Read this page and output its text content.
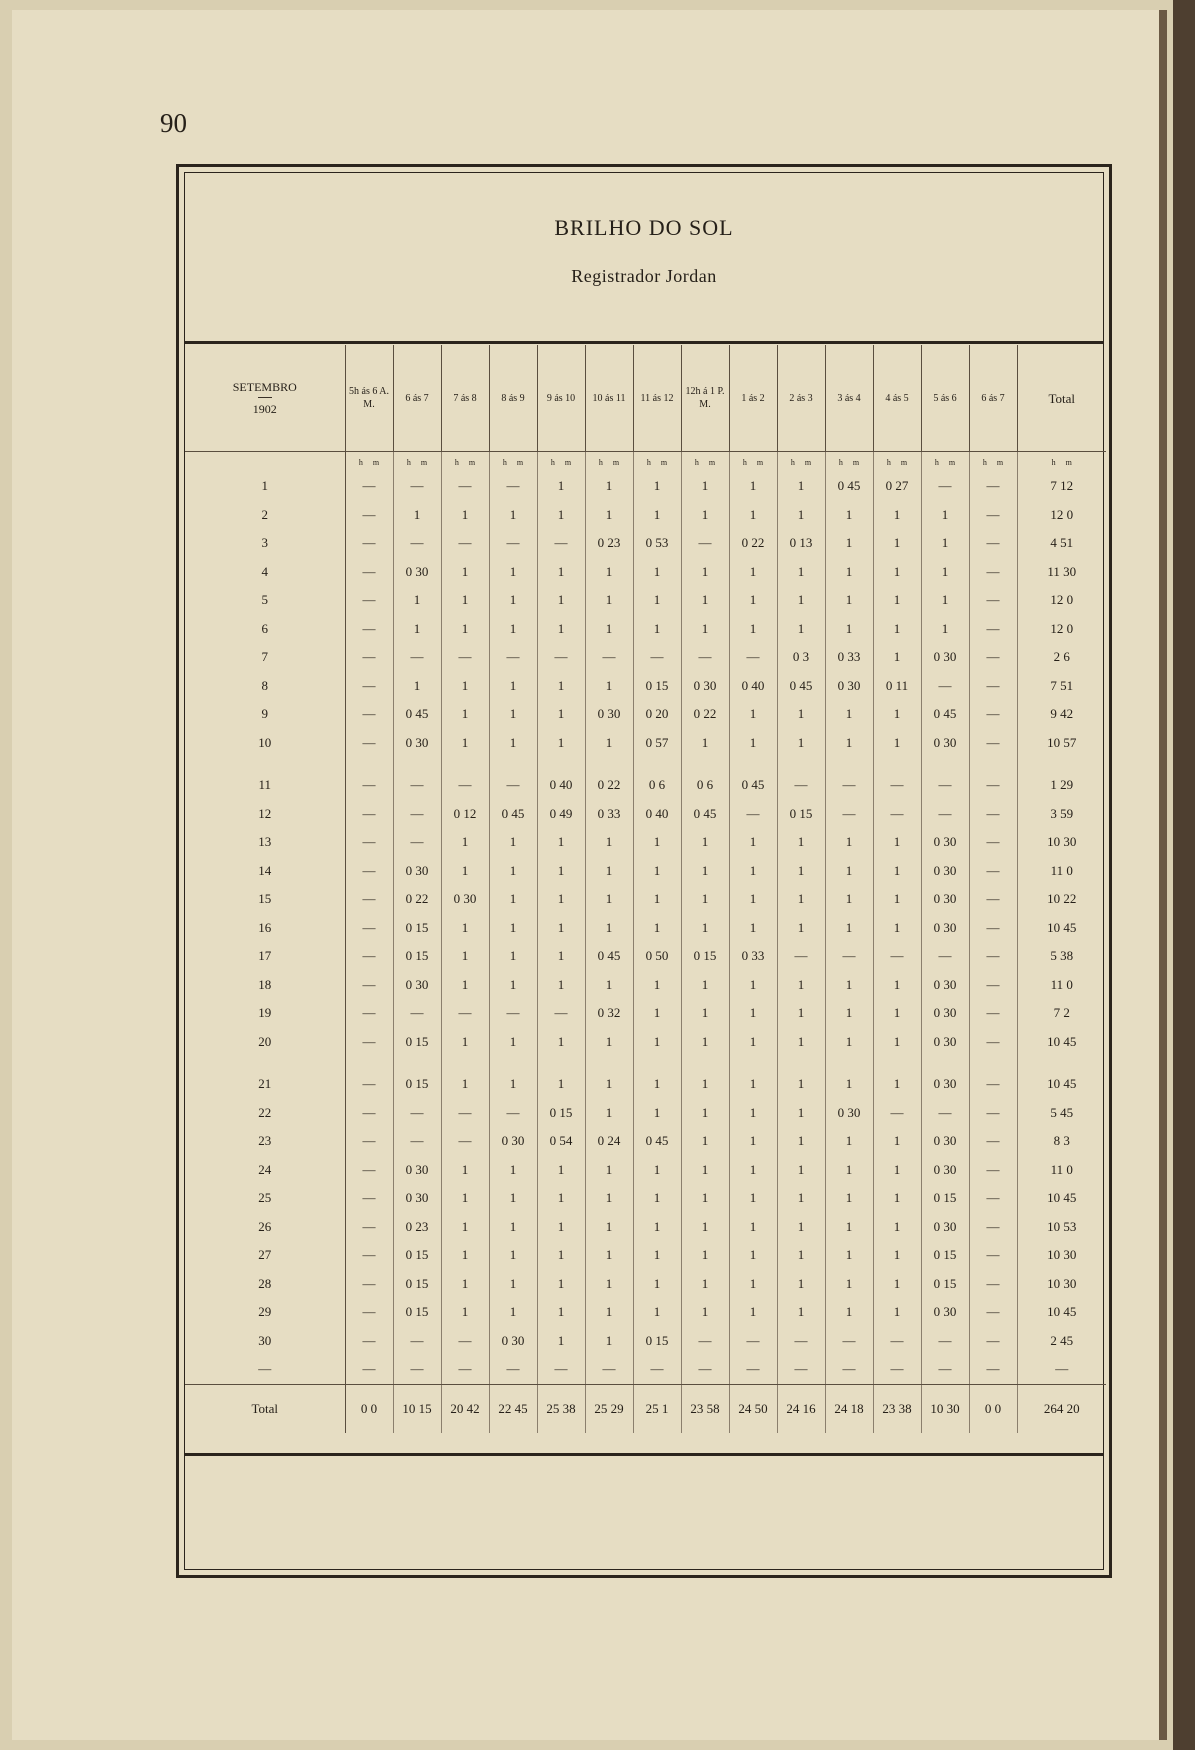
90
BRILHO DO SOL
Registrador Jordan
SETEMBRO
1902	5h ás 6 A. M.	6 ás 7	7 ás 8	8 ás 9	9 ás 10	10 ás 11	11 ás 12	12h á 1 P. M.	1 ás 2	2 ás 3	3 ás 4	4 ás 5	5 ás 6	6 ás 7	Total
	h m	h m	h m	h m	h m	h m	h m	h m	h m	h m	h m	h m	h m	h m	h m
1	—	—	—	—	1	1	1	1	1	1	0 45	0 27	—	—	7 12
2	—	1	1	1	1	1	1	1	1	1	1	1	1	—	12 0
3	—	—	—	—	—	0 23	0 53	—	0 22	0 13	1	1	1	—	4 51
4	—	0 30	1	1	1	1	1	1	1	1	1	1	1	—	11 30
5	—	1	1	1	1	1	1	1	1	1	1	1	1	—	12 0
6	—	1	1	1	1	1	1	1	1	1	1	1	1	—	12 0
7	—	—	—	—	—	—	—	—	—	0 3	0 33	1	0 30	—	2 6
8	—	1	1	1	1	1	0 15	0 30	0 40	0 45	0 30	0 11	—	—	7 51
9	—	0 45	1	1	1	0 30	0 20	0 22	1	1	1	1	0 45	—	9 42
10	—	0 30	1	1	1	1	0 57	1	1	1	1	1	0 30	—	10 57

11	—	—	—	—	0 40	0 22	0 6	0 6	0 45	—	—	—	—	—	1 29
12	—	—	0 12	0 45	0 49	0 33	0 40	0 45	—	0 15	—	—	—	—	3 59
13	—	—	1	1	1	1	1	1	1	1	1	1	0 30	—	10 30
14	—	0 30	1	1	1	1	1	1	1	1	1	1	0 30	—	11 0
15	—	0 22	0 30	1	1	1	1	1	1	1	1	1	0 30	—	10 22
16	—	0 15	1	1	1	1	1	1	1	1	1	1	0 30	—	10 45
17	—	0 15	1	1	1	0 45	0 50	0 15	0 33	—	—	—	—	—	5 38
18	—	0 30	1	1	1	1	1	1	1	1	1	1	0 30	—	11 0
19	—	—	—	—	—	0 32	1	1	1	1	1	1	0 30	—	7 2
20	—	0 15	1	1	1	1	1	1	1	1	1	1	0 30	—	10 45

21	—	0 15	1	1	1	1	1	1	1	1	1	1	0 30	—	10 45
22	—	—	—	—	0 15	1	1	1	1	1	0 30	—	—	—	5 45
23	—	—	—	0 30	0 54	0 24	0 45	1	1	1	1	1	0 30	—	8 3
24	—	0 30	1	1	1	1	1	1	1	1	1	1	0 30	—	11 0
25	—	0 30	1	1	1	1	1	1	1	1	1	1	0 15	—	10 45
26	—	0 23	1	1	1	1	1	1	1	1	1	1	0 30	—	10 53
27	—	0 15	1	1	1	1	1	1	1	1	1	1	0 15	—	10 30
28	—	0 15	1	1	1	1	1	1	1	1	1	1	0 15	—	10 30
29	—	0 15	1	1	1	1	1	1	1	1	1	1	0 30	—	10 45
30	—	—	—	0 30	1	1	0 15	—	—	—	—	—	—	—	2 45
—	—	—	—	—	—	—	—	—	—	—	—	—	—	—	—
Total	0 0	10 15	20 42	22 45	25 38	25 29	25 1	23 58	24 50	24 16	24 18	23 38	10 30	0 0	264 20
